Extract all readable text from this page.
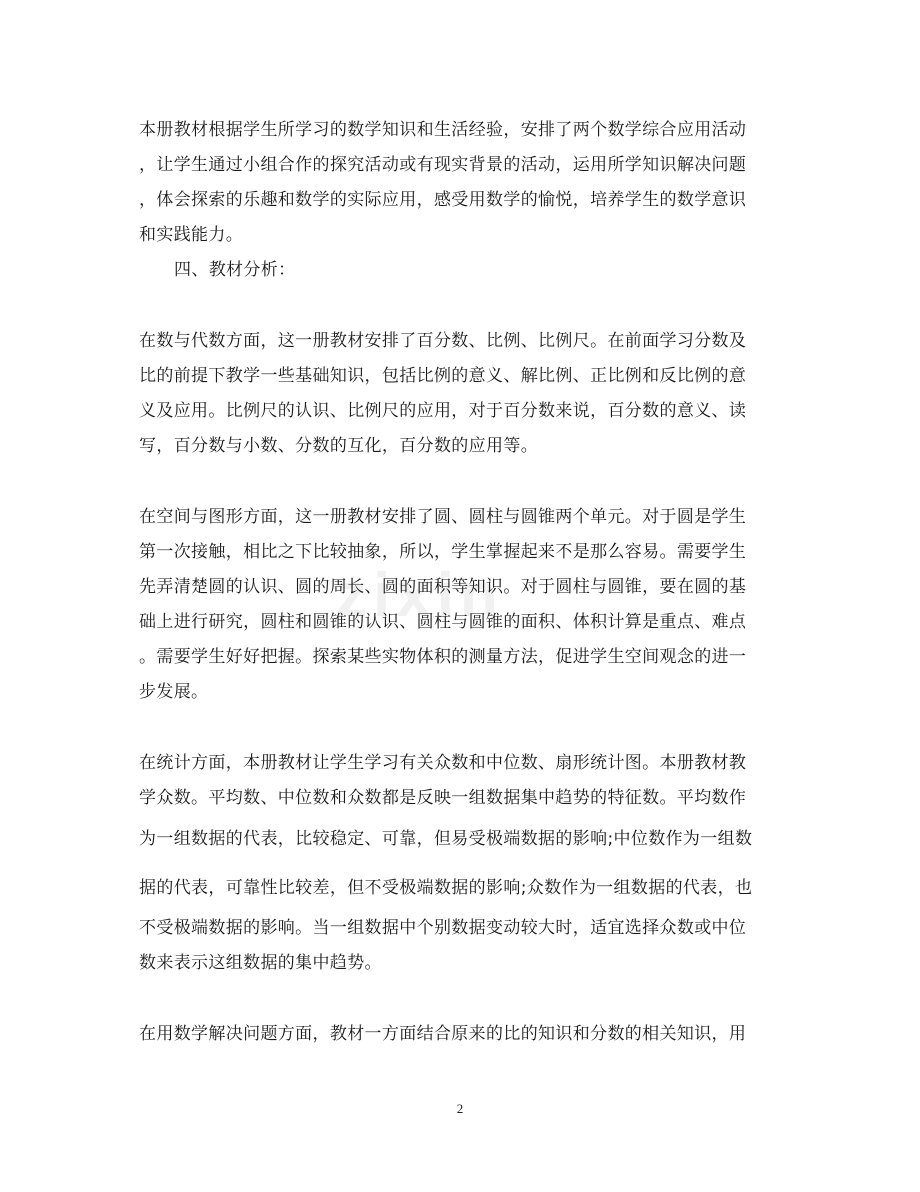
zixin
本册教材根据学生所学习的数学知识和生活经验，安排了两个数学综合应用活动
，让学生通过小组合作的探究活动或有现实背景的活动，运用所学知识解决问题
，体会探索的乐趣和数学的实际应用，感受用数学的愉悦，培养学生的数学意识
和实践能力。
四、教材分析：
在数与代数方面，这一册教材安排了百分数、比例、比例尺。在前面学习分数及
比的前提下教学一些基础知识，包括比例的意义、解比例、正比例和反比例的意
义及应用。比例尺的认识、比例尺的应用，对于百分数来说，百分数的意义、读
写，百分数与小数、分数的互化，百分数的应用等。
在空间与图形方面，这一册教材安排了圆、圆柱与圆锥两个单元。对于圆是学生
第一次接触，相比之下比较抽象，所以，学生掌握起来不是那么容易。需要学生
先弄清楚圆的认识、圆的周长、圆的面积等知识。对于圆柱与圆锥，要在圆的基
础上进行研究，圆柱和圆锥的认识、圆柱与圆锥的面积、体积计算是重点、难点
。需要学生好好把握。探索某些实物体积的测量方法，促进学生空间观念的进一
步发展。
在统计方面，本册教材让学生学习有关众数和中位数、扇形统计图。本册教材教
学众数。平均数、中位数和众数都是反映一组数据集中趋势的特征数。平均数作
为一组数据的代表，比较稳定、可靠，但易受极端数据的影响;中位数作为一组数
据的代表，可靠性比较差，但不受极端数据的影响;众数作为一组数据的代表，也
不受极端数据的影响。当一组数据中个别数据变动较大时，适宜选择众数或中位
数来表示这组数据的集中趋势。
在用数学解决问题方面，教材一方面结合原来的比的知识和分数的相关知识，用
2
